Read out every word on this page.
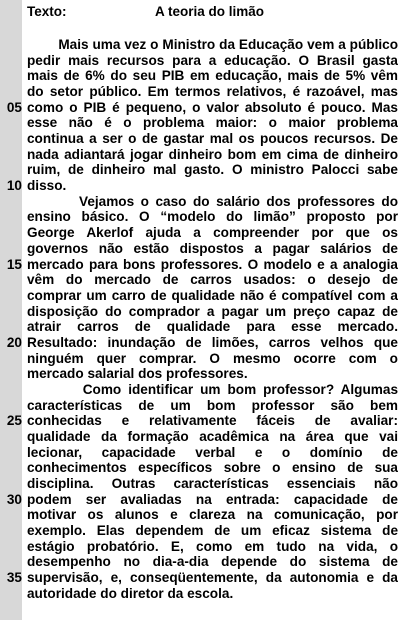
Texto:	A teoria do limão
Mais uma vez o Ministro da Educação vem a público
pedir mais recursos para a educação. O Brasil gasta
mais de 6% do seu PIB em educação, mais de 5% vêm
do setor público. Em termos relativos, é razoável, mas
como o PIB é pequeno, o valor absoluto é pouco. Mas
05
esse não é o problema maior: o maior problema
continua a ser o de gastar mal os poucos recursos. De
nada adiantará jogar dinheiro bom em cima de dinheiro
ruim, de dinheiro mal gasto. O ministro Palocci sabe
disso.
10
Vejamos o caso do salário dos professores do
ensino básico. O “modelo do limão” proposto por
George Akerlof ajuda a compreender por que os
governos não estão dispostos a pagar salários de
mercado para bons professores. O modelo e a analogia
15
vêm do mercado de carros usados: o desejo de
comprar um carro de qualidade não é compatível com a
disposição do comprador a pagar um preço capaz de
atrair carros de qualidade para esse mercado.
Resultado: inundação de limões, carros velhos que
20
ninguém quer comprar. O mesmo ocorre com o
mercado salarial dos professores.
Como identificar um bom professor? Algumas
características de um bom professor são bem
conhecidas e relativamente fáceis de avaliar:
25
qualidade da formação acadêmica na área que vai
lecionar, capacidade verbal e o domínio de
conhecimentos específicos sobre o ensino de sua
disciplina. Outras características essenciais não
podem ser avaliadas na entrada: capacidade de
30
motivar os alunos e clareza na comunicação, por
exemplo. Elas dependem de um eficaz sistema de
estágio probatório. E, como em tudo na vida, o
desempenho no dia-a-dia depende do sistema de
supervisão, e, conseqüentemente, da autonomia e da
35
autoridade do diretor da escola.
